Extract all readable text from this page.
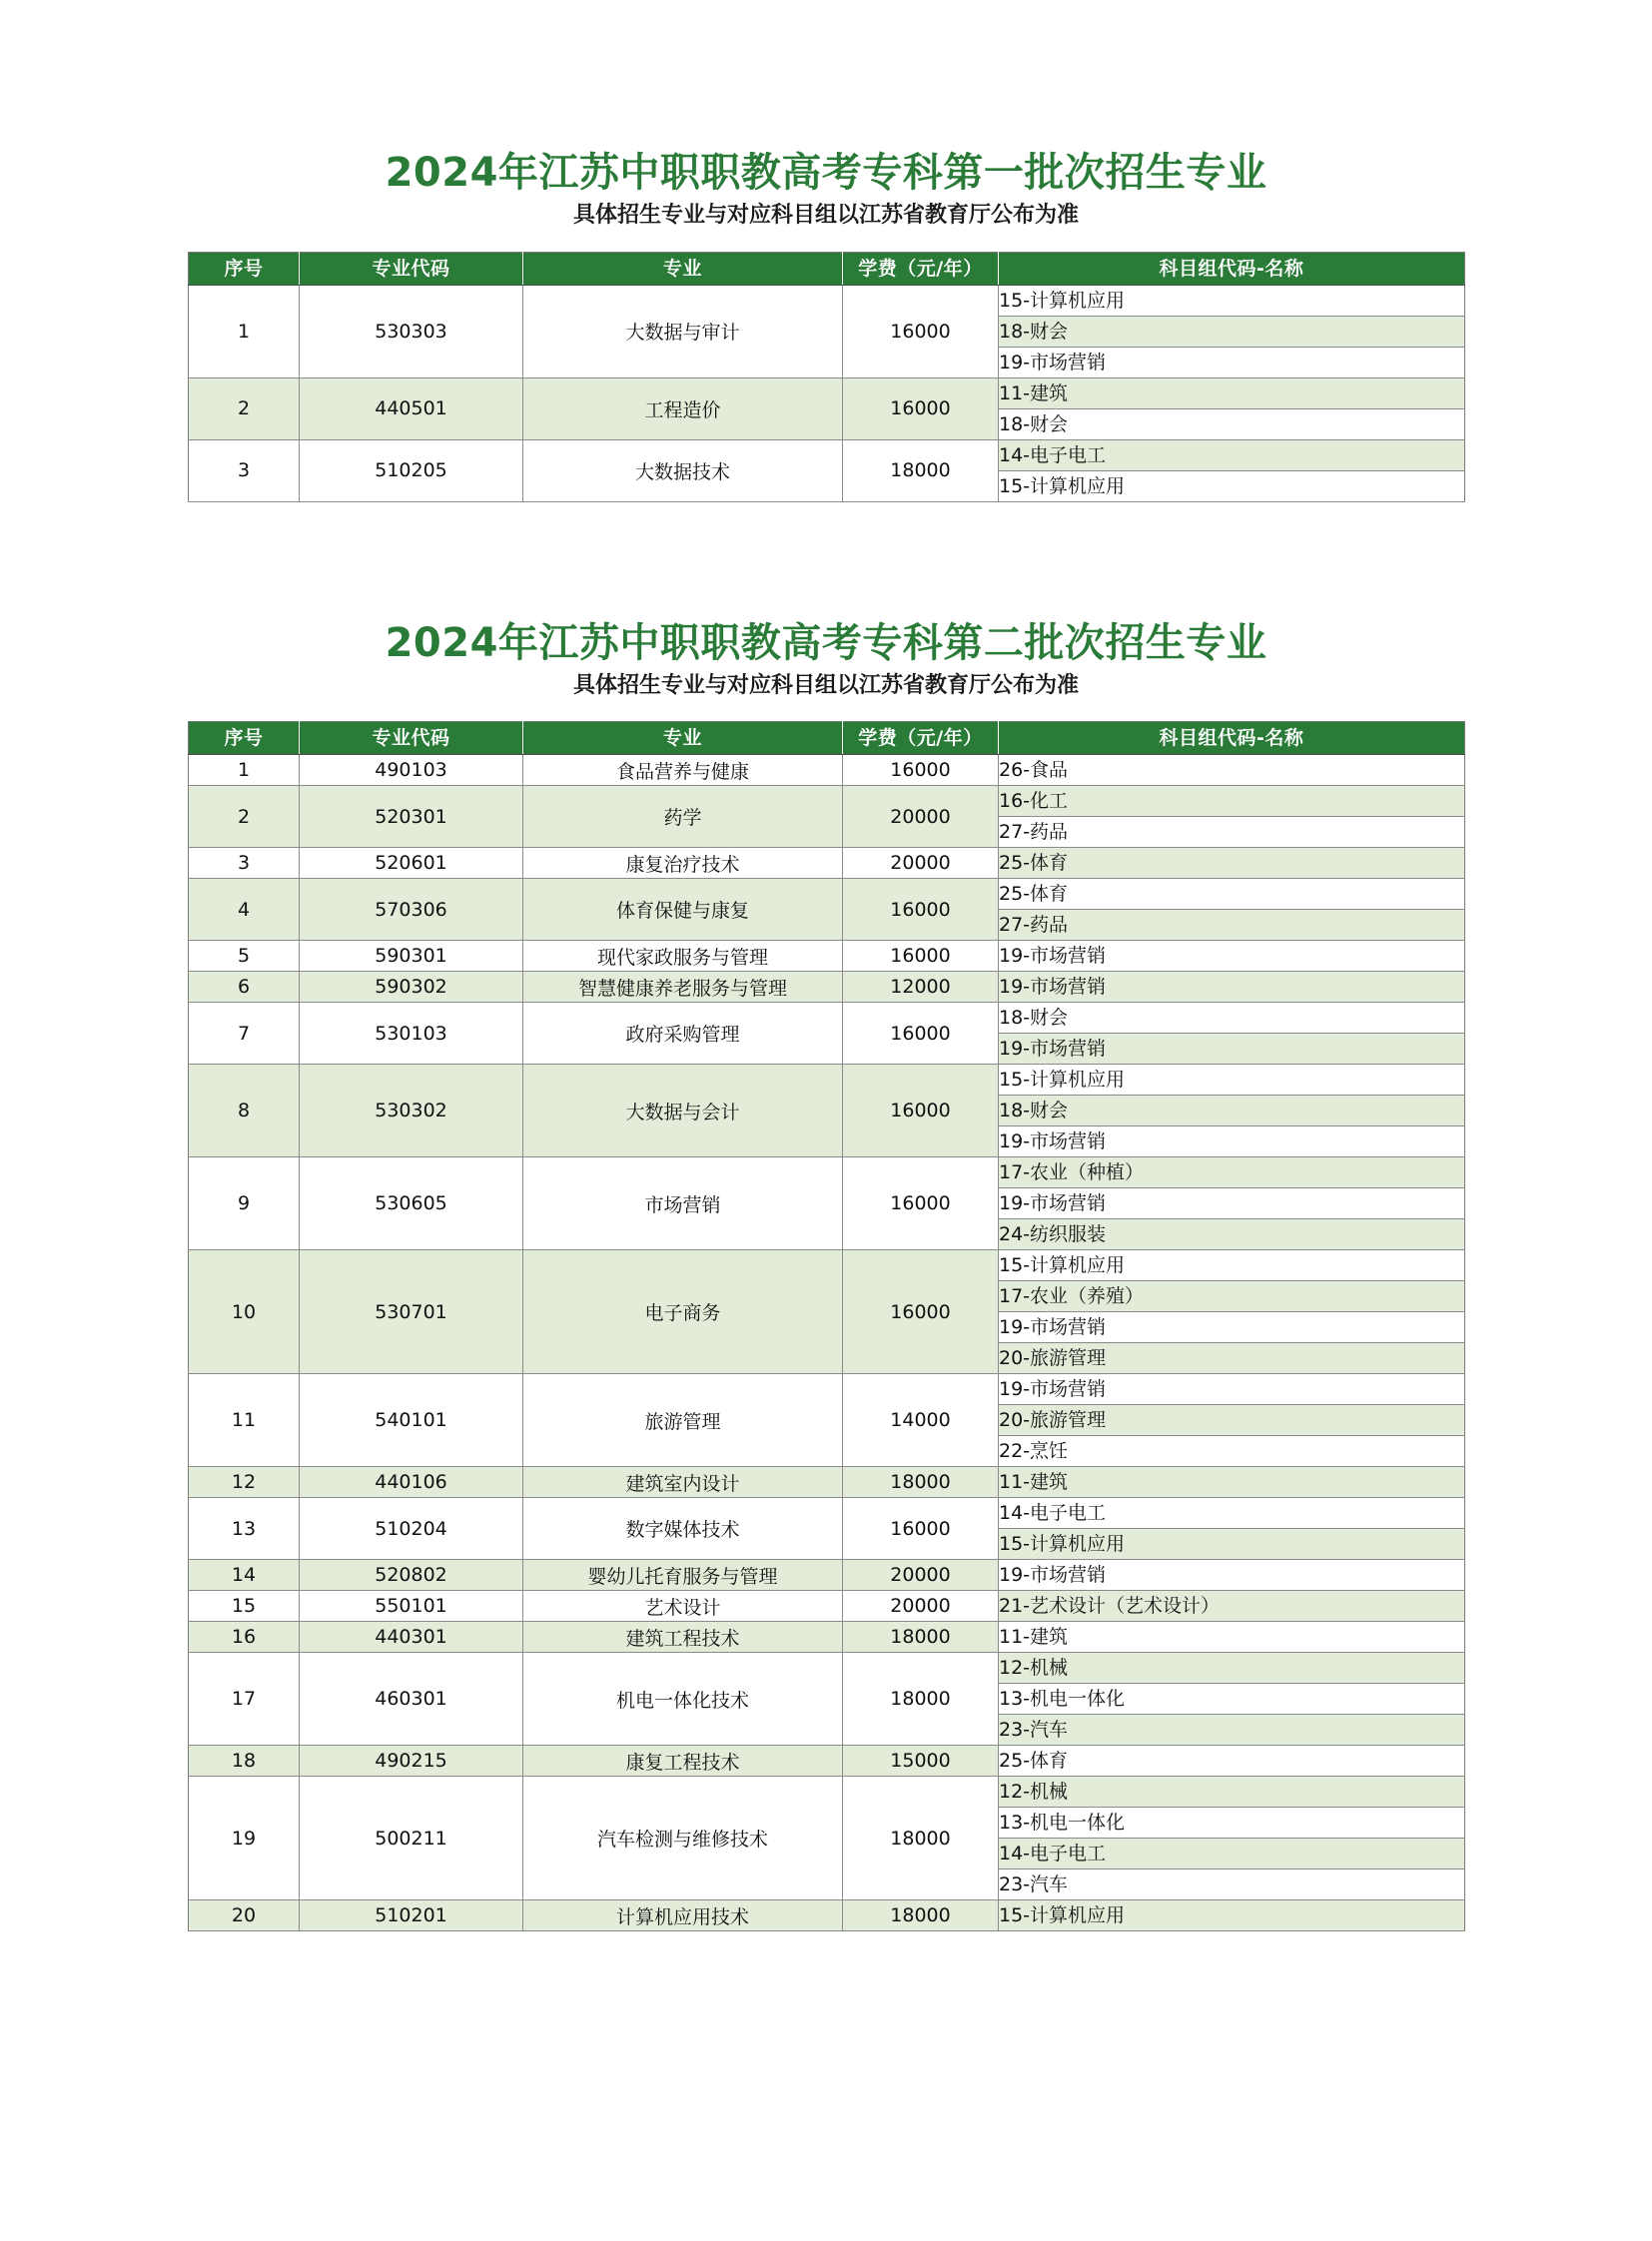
2024年江苏中职职教高考专科第一批次招生专业
具体招生专业与对应科目组以江苏省教育厅公布为准
序号	专业代码	专业	学费（元/年）	科目组代码-名称
1	530303	大数据与审计	16000	15-计算机应用
				18-财会
				19-市场营销
2	440501	工程造价	16000	11-建筑
				18-财会
3	510205	大数据技术	18000	14-电子电工
				15-计算机应用
2024年江苏中职职教高考专科第二批次招生专业
具体招生专业与对应科目组以江苏省教育厅公布为准
序号	专业代码	专业	学费（元/年）	科目组代码-名称
1	490103	食品营养与健康	16000	26-食品
2	520301	药学	20000	16-化工
				27-药品
3	520601	康复治疗技术	20000	25-体育
4	570306	体育保健与康复	16000	25-体育
				27-药品
5	590301	现代家政服务与管理	16000	19-市场营销
6	590302	智慧健康养老服务与管理	12000	19-市场营销
7	530103	政府采购管理	16000	18-财会
				19-市场营销
8	530302	大数据与会计	16000	15-计算机应用
				18-财会
				19-市场营销
9	530605	市场营销	16000	17-农业（种植）
				19-市场营销
				24-纺织服装
10	530701	电子商务	16000	15-计算机应用
				17-农业（养殖）
				19-市场营销
				20-旅游管理
11	540101	旅游管理	14000	19-市场营销
				20-旅游管理
				22-烹饪
12	440106	建筑室内设计	18000	11-建筑
13	510204	数字媒体技术	16000	14-电子电工
				15-计算机应用
14	520802	婴幼儿托育服务与管理	20000	19-市场营销
15	550101	艺术设计	20000	21-艺术设计（艺术设计）
16	440301	建筑工程技术	18000	11-建筑
17	460301	机电一体化技术	18000	12-机械
				13-机电一体化
				23-汽车
18	490215	康复工程技术	15000	25-体育
19	500211	汽车检测与维修技术	18000	12-机械
				13-机电一体化
				14-电子电工
				23-汽车
20	510201	计算机应用技术	18000	15-计算机应用
